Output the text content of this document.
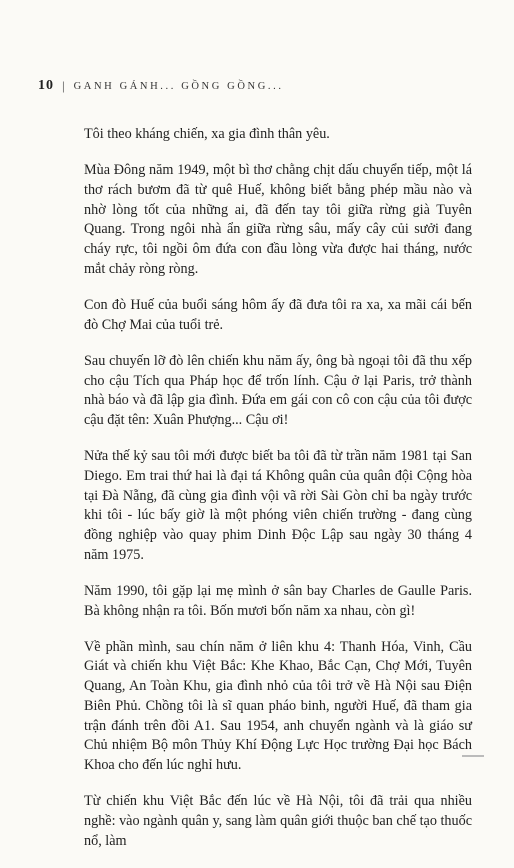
10 | GANH GÁNH... GỒNG GỒNG...

Tôi theo kháng chiến, xa gia đình thân yêu.

Mùa Đông năm 1949, một bì thơ chằng chịt dấu chuyển tiếp, một lá thơ rách bươm đã từ quê Huế, không biết bằng phép mầu nào và nhờ lòng tốt của những ai, đã đến tay tôi giữa rừng già Tuyên Quang. Trong ngôi nhà ẩn giữa rừng sâu, mấy cây củi sưởi đang cháy rực, tôi ngồi ôm đứa con đầu lòng vừa được hai tháng, nước mắt chảy ròng ròng.

Con đò Huế của buổi sáng hôm ấy đã đưa tôi ra xa, xa mãi cái bến đò Chợ Mai của tuổi trẻ.

Sau chuyến lỡ đò lên chiến khu năm ấy, ông bà ngoại tôi đã thu xếp cho cậu Tích qua Pháp học để trốn lính. Cậu ở lại Paris, trở thành nhà báo và đã lập gia đình. Đứa em gái con cô con cậu của tôi được cậu đặt tên: Xuân Phượng... Cậu ơi!

Nửa thế kỷ sau tôi mới được biết ba tôi đã từ trần năm 1981 tại San Diego. Em trai thứ hai là đại tá Không quân của quân đội Cộng hòa tại Đà Nẵng, đã cùng gia đình vội vã rời Sài Gòn chỉ ba ngày trước khi tôi - lúc bấy giờ là một phóng viên chiến trường - đang cùng đồng nghiệp vào quay phim Dinh Độc Lập sau ngày 30 tháng 4 năm 1975.

Năm 1990, tôi gặp lại mẹ mình ở sân bay Charles de Gaulle Paris. Bà không nhận ra tôi. Bốn mươi bốn năm xa nhau, còn gì!

Về phần mình, sau chín năm ở liên khu 4: Thanh Hóa, Vinh, Cầu Giát và chiến khu Việt Bắc: Khe Khao, Bắc Cạn, Chợ Mới, Tuyên Quang, An Toàn Khu, gia đình nhỏ của tôi trở về Hà Nội sau Điện Biên Phủ. Chồng tôi là sĩ quan pháo binh, người Huế, đã tham gia trận đánh trên đồi A1. Sau 1954, anh chuyển ngành và là giáo sư Chủ nhiệm Bộ môn Thủy Khí Động Lực Học trường Đại học Bách Khoa cho đến lúc nghỉ hưu.

Từ chiến khu Việt Bắc đến lúc về Hà Nội, tôi đã trải qua nhiều nghề: vào ngành quân y, sang làm quân giới thuộc ban chế tạo thuốc nổ, làm
